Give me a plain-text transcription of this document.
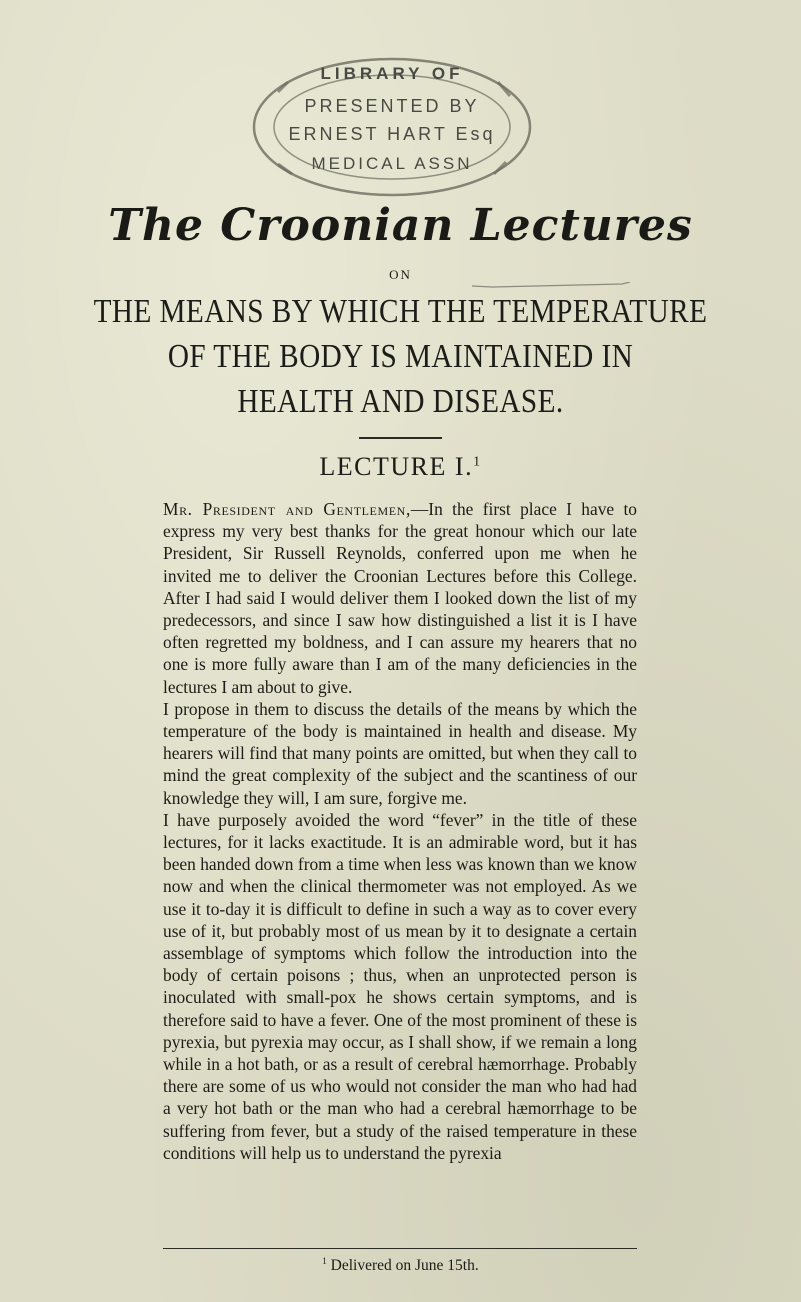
LIBRARY OF
PRESENTED BY
ERNEST HART Esq
MEDICAL ASSN
The Croonian Lectures
ON
THE MEANS BY WHICH THE TEMPERATURE
OF THE BODY IS MAINTAINED IN
HEALTH AND DISEASE.
LECTURE I.$^1$

Mr. President and Gentlemen,—In the first place I have to express my very best thanks for the great honour which our late President, Sir Russell Reynolds, conferred upon me when he invited me to deliver the Croonian Lectures before this College. After I had said I would deliver them I looked down the list of my predecessors, and since I saw how distinguished a list it is I have often regretted my boldness, and I can assure my hearers that no one is more fully aware than I am of the many deficiencies in the lectures I am about to give.

I propose in them to discuss the details of the means by which the temperature of the body is maintained in health and disease. My hearers will find that many points are omitted, but when they call to mind the great complexity of the subject and the scantiness of our knowledge they will, I am sure, forgive me.

I have purposely avoided the word “fever” in the title of these lectures, for it lacks exactitude. It is an admirable word, but it has been handed down from a time when less was known than we know now and when the clinical thermometer was not employed. As we use it to-day it is difficult to define in such a way as to cover every use of it, but probably most of us mean by it to designate a certain assemblage of symptoms which follow the introduction into the body of certain poisons ; thus, when an unprotected person is inoculated with small-pox he shows certain symptoms, and is therefore said to have a fever. One of the most prominent of these is pyrexia, but pyrexia may occur, as I shall show, if we remain a long while in a hot bath, or as a result of cerebral hæmorrhage. Probably there are some of us who would not consider the man who had had a very hot bath or the man who had a cerebral hæmorrhage to be suffering from fever, but a study of the raised temperature in these conditions will help us to understand the pyrexia

$^1$ Delivered on June 15th.
